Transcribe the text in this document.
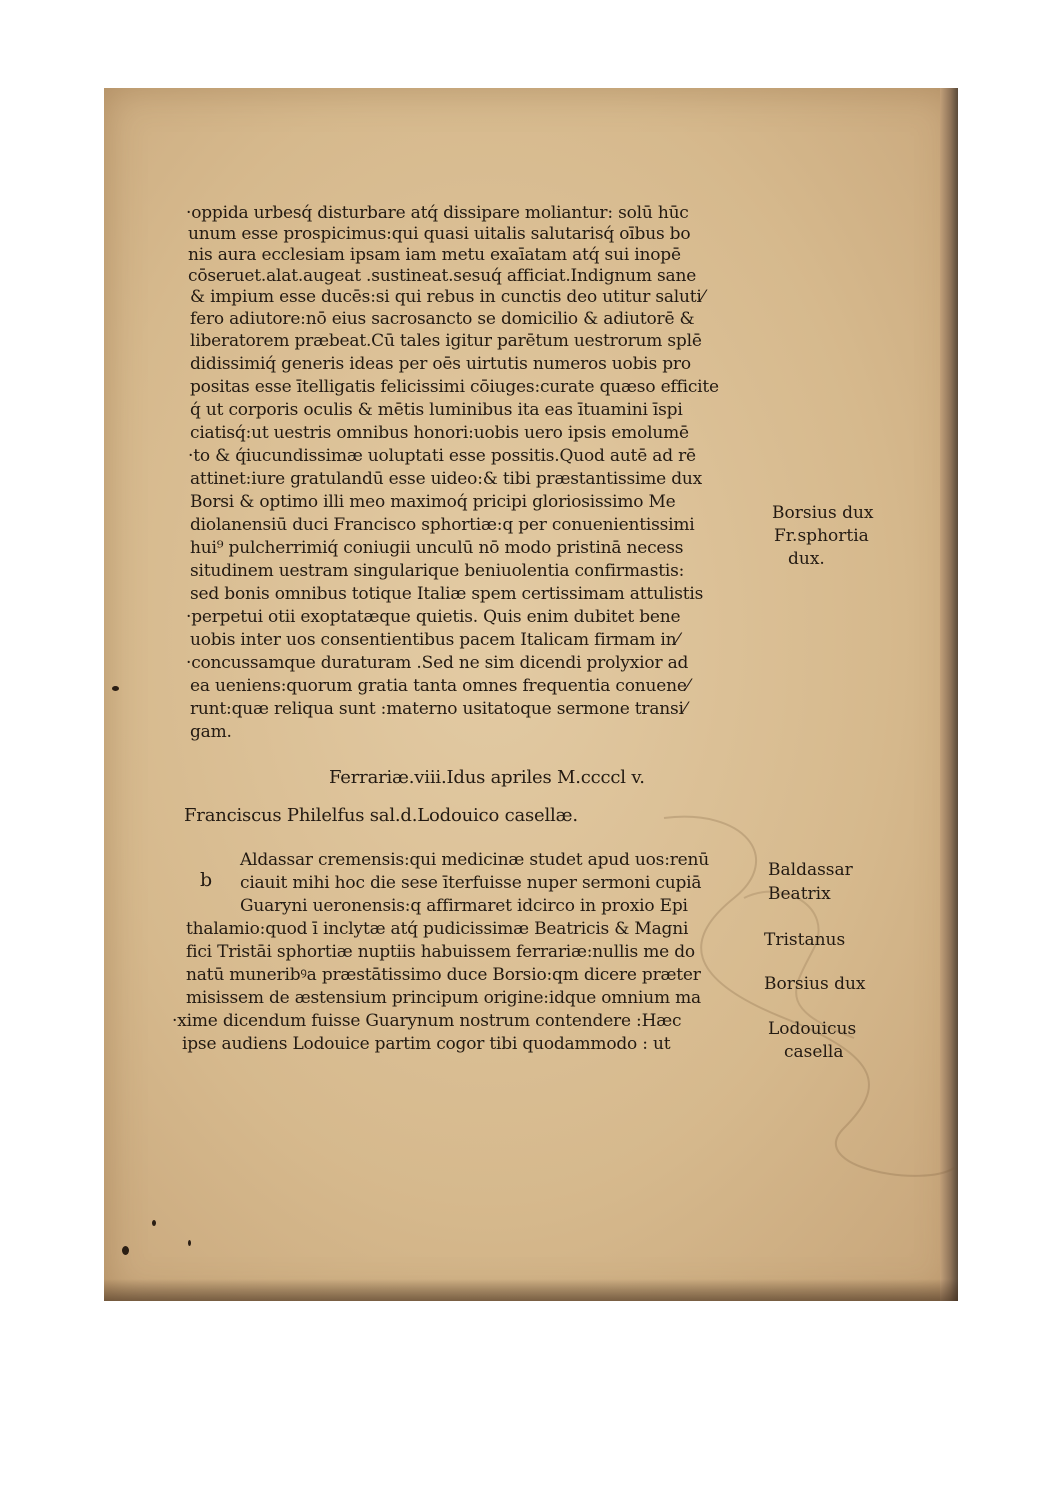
·oppida urbesq́ disturbare atq́ dissipare moliantur: solū hūc
unum esse prospicimus:qui quasi uitalis salutarisq́ oībus bo
nis aura ecclesiam ipsam iam metu exaīatam atq́ sui inopē
cōseruet.alat.augeat .sustineat.sesuq́ afficiat.Indignum sane
& impium esse ducēs:si qui rebus in cunctis deo utitur saluti⁄
fero adiutore:nō eius sacrosancto se domicilio & adiutorē &
liberatorem præbeat.Cū tales igitur parētum uestrorum splē
didissimiq́ generis ideas per oēs uirtutis numeros uobis pro
positas esse ītelligatis felicissimi cōiuges:curate quæso efficite
q́ ut corporis oculis & mētis luminibus ita eas ītuamini īspi
ciatisq́:ut uestris omnibus honori:uobis uero ipsis emolumē
·to & q́iucundissimæ uoluptati esse possitis.Quod autē ad rē
attinet:iure gratulandū esse uideo:& tibi præstantissime dux
Borsi & optimo illi meo maximoq́ pricipi gloriosissimo Me
diolanensiū duci Francisco sphortiæ:q per conuenientissimi
hui⁹ pulcherrimiq́ coniugii unculū nō modo pristinā necess
situdinem uestram singularique beniuolentia confirmastis:
sed bonis omnibus totique Italiæ spem certissimam attulistis
·perpetui otii exoptatæque quietis. Quis enim dubitet bene
uobis inter uos consentientibus pacem Italicam firmam in⁄
·concussamque duraturam .Sed ne sim dicendi prolyxior ad
ea ueniens:quorum gratia tanta omnes frequentia conuene⁄
runt:quæ reliqua sunt :materno usitatoque sermone transi⁄
gam.
Ferrariæ.viii.Idus apriles M.ccccl v.
Franciscus Philelfus sal.d.Lodouico casellæ.
b
Aldassar cremensis:qui medicinæ studet apud uos:renū
ciauit mihi hoc die sese īterfuisse nuper sermoni cupiā
Guaryni ueronensis:q affirmaret idcirco in proxio Epi
thalamio:quod ī inclytæ atq́ pudicissimæ Beatricis & Magni
fici Tristāi sphortiæ nuptiis habuissem ferrariæ:nullis me do
natū muneribꝰa præstātissimo duce Borsio:qm dicere præter
misissem de æstensium principum origine:idque omnium ma
·xime dicendum fuisse Guarynum nostrum contendere :Hæc
ipse audiens Lodouice partim cogor tibi quodammodo : ut
Borsius dux
Fr.sphortia
dux.
Baldassar
Beatrix
Tristanus
Borsius dux
Lodouicus
casella
